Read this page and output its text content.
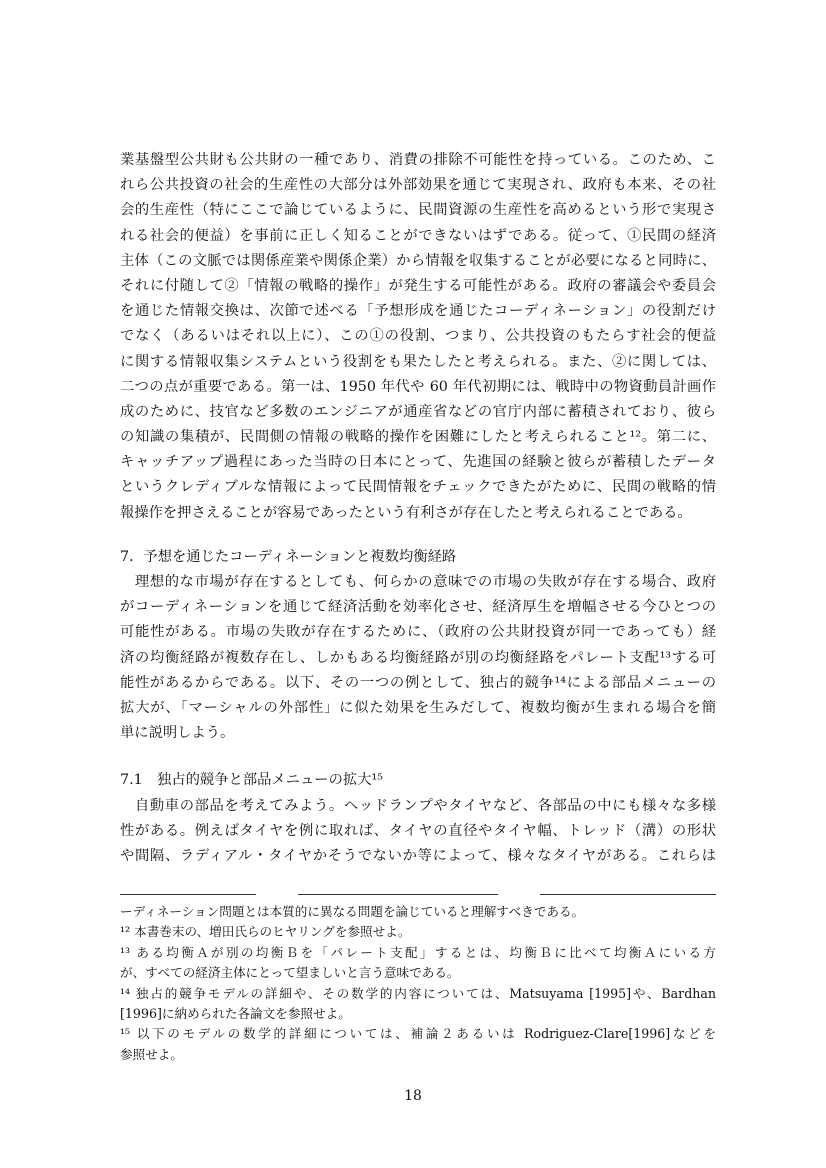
業基盤型公共財も公共財の一種であり、消費の排除不可能性を持っている。このため、こ
れら公共投資の社会的生産性の大部分は外部効果を通じて実現され、政府も本来、その社
会的生産性（特にここで論じているように、民間資源の生産性を高めるという形で実現さ
れる社会的便益）を事前に正しく知ることができないはずである。従って、①民間の経済
主体（この文脈では関係産業や関係企業）から情報を収集することが必要になると同時に、
それに付随して②「情報の戦略的操作」が発生する可能性がある。政府の審議会や委員会
を通じた情報交換は、次節で述べる「予想形成を通じたコーディネーション」の役割だけ
でなく（あるいはそれ以上に）、この①の役割、つまり、公共投資のもたらす社会的便益
に関する情報収集システムという役割をも果たしたと考えられる。また、②に関しては、
二つの点が重要である。第一は、1950 年代や 60 年代初期には、戦時中の物資動員計画作
成のために、技官など多数のエンジニアが通産省などの官庁内部に蓄積されており、彼ら
の知識の集積が、民間側の情報の戦略的操作を困難にしたと考えられること¹²。第二に、
キャッチアップ過程にあった当時の日本にとって、先進国の経験と彼らが蓄積したデータ
というクレディブルな情報によって民間情報をチェックできたがために、民間の戦略的情
報操作を押さえることが容易であったという有利さが存在したと考えられることである。
7．予想を通じたコーディネーションと複数均衡経路
　理想的な市場が存在するとしても、何らかの意味での市場の失敗が存在する場合、政府
がコーディネーションを通じて経済活動を効率化させ、経済厚生を増幅させる今ひとつの
可能性がある。市場の失敗が存在するために、（政府の公共財投資が同一であっても）経
済の均衡経路が複数存在し、しかもある均衡経路が別の均衡経路をパレート支配¹³する可
能性があるからである。以下、その一つの例として、独占的競争¹⁴による部品メニューの
拡大が、「マーシャルの外部性」に似た効果を生みだして、複数均衡が生まれる場合を簡
単に説明しよう。
7.1　独占的競争と部品メニューの拡大¹⁵
　自動車の部品を考えてみよう。ヘッドランプやタイヤなど、各部品の中にも様々な多様
性がある。例えばタイヤを例に取れば、タイヤの直径やタイヤ幅、トレッド（溝）の形状
や間隔、ラディアル・タイヤかそうでないか等によって、様々なタイヤがある。これらは
ーディネーション問題とは本質的に異なる問題を論じていると理解すべきである。
¹² 本書巻末の、増田氏らのヒヤリングを参照せよ。
¹³ ある均衡Ａが別の均衡Ｂを「パレート支配」するとは、均衡Ｂに比べて均衡Ａにいる方
が、すべての経済主体にとって望ましいと言う意味である。
¹⁴ 独占的競争モデルの詳細や、その数学的内容については、Matsuyama [1995]や、Bardhan
[1996]に納められた各論文を参照せよ。
¹⁵ 以下のモデルの数学的詳細については、補論２あるいは Rodriguez-Clare[1996]などを
参照せよ。
18
